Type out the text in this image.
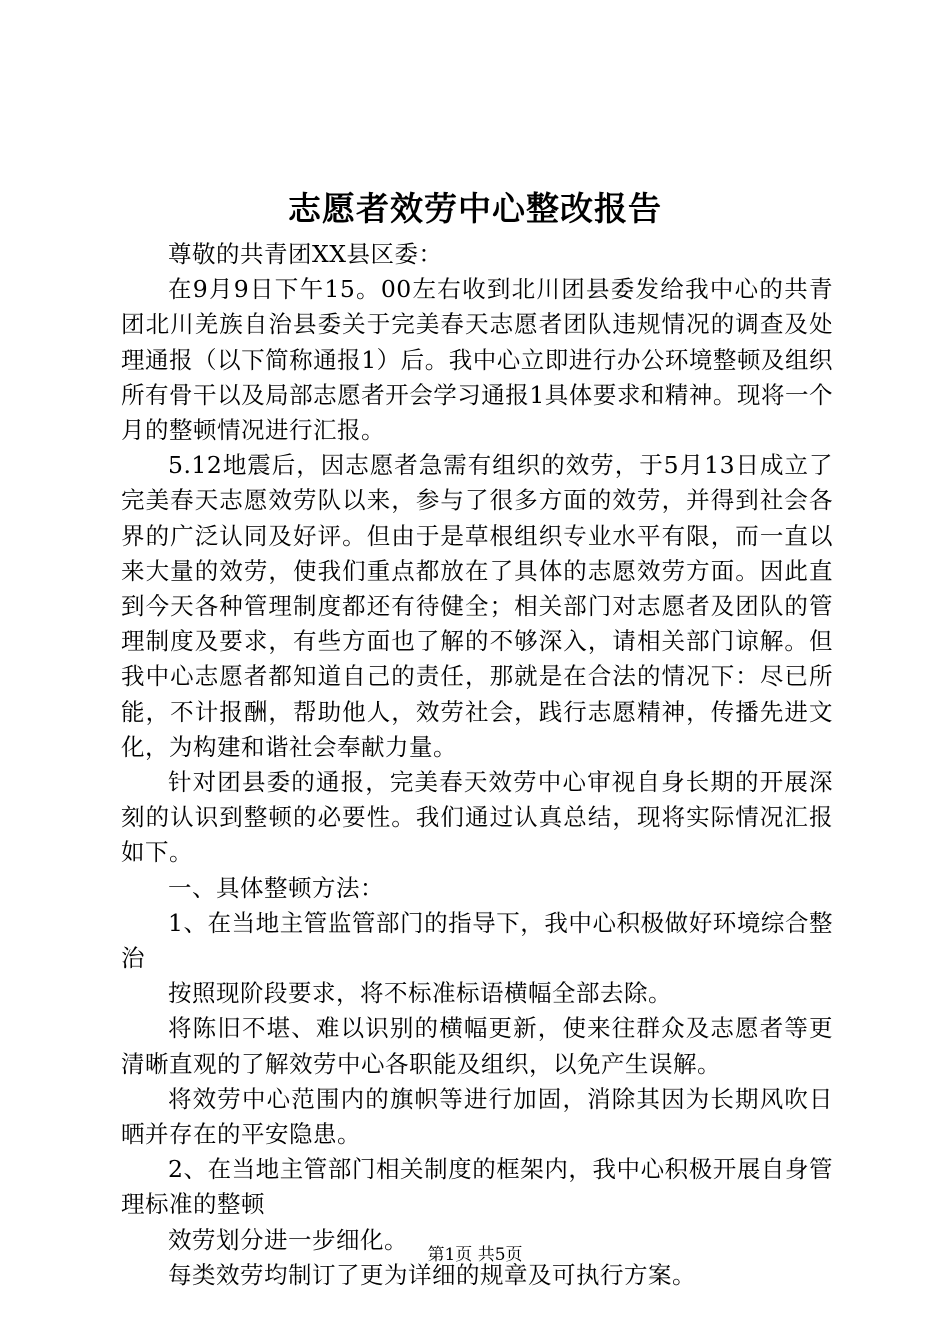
志愿者效劳中心整改报告

尊敬的共青团XX县区委：

在9月9日下午15。00左右收到北川团县委发给我中心的共青团北川羌族自治县委关于完美春天志愿者团队违规情况的调查及处理通报（以下简称通报1）后。我中心立即进行办公环境整顿及组织所有骨干以及局部志愿者开会学习通报1具体要求和精神。现将一个月的整顿情况进行汇报。

5.12地震后，因志愿者急需有组织的效劳，于5月13日成立了完美春天志愿效劳队以来，参与了很多方面的效劳，并得到社会各界的广泛认同及好评。但由于是草根组织专业水平有限，而一直以来大量的效劳，使我们重点都放在了具体的志愿效劳方面。因此直到今天各种管理制度都还有待健全；相关部门对志愿者及团队的管理制度及要求，有些方面也了解的不够深入，请相关部门谅解。但我中心志愿者都知道自己的责任，那就是在合法的情况下：尽已所能，不计报酬，帮助他人，效劳社会，践行志愿精神，传播先进文化，为构建和谐社会奉献力量。

针对团县委的通报，完美春天效劳中心审视自身长期的开展深刻的认识到整顿的必要性。我们通过认真总结，现将实际情况汇报如下。

一、具体整顿方法：

1、在当地主管监管部门的指导下，我中心积极做好环境综合整治

按照现阶段要求，将不标准标语横幅全部去除。

将陈旧不堪、难以识别的横幅更新，使来往群众及志愿者等更清晰直观的了解效劳中心各职能及组织，以免产生误解。

将效劳中心范围内的旗帜等进行加固，消除其因为长期风吹日晒并存在的平安隐患。

2、在当地主管部门相关制度的框架内，我中心积极开展自身管理标准的整顿

效劳划分进一步细化。

每类效劳均制订了更为详细的规章及可执行方案。

第1页 共5页
